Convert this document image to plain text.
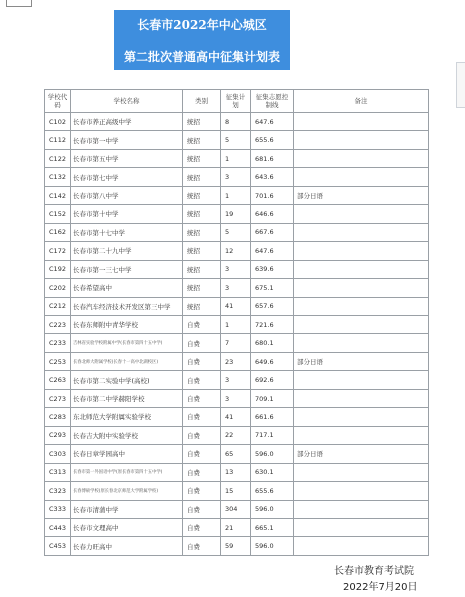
长春市2022年中心城区
第二批次普通高中征集计划表
学校代码	学校名称	类别	征集计划	征集志愿控制线	备注
C102	长春市养正高级中学	统招	8	647.6	
C112	长春市第一中学	统招	5	655.6	
C122	长春市第五中学	统招	1	681.6	
C132	长春市第七中学	统招	3	643.6	
C142	长春市第八中学	统招	1	701.6	部分日语
C152	长春市第十中学	统招	19	646.6	
C162	长春市第十七中学	统招	5	667.6	
C172	长春市第二十九中学	统招	12	647.6	
C192	长春市第一三七中学	统招	3	639.6	
C202	长春希望高中	统招	3	675.1	
C212	长春汽车经济技术开发区第三中学	统招	41	657.6	
C223	长春东师附中青华学校	自费	1	721.6	
C233	吉林省实验学校附属中学(长春市第四十五中学)	自费	7	680.1	
C253	长春北师大附属学校(长春十一高中北湖校区)	自费	23	649.6	部分日语
C263	长春市第二实验中学(高校)	自费	3	692.6	
C273	长春市第二中学赫阳学校	自费	3	709.1	
C283	东北师范大学附属实验学校	自费	41	661.6	
C293	长春吉大附中实验学校	自费	22	717.1	
C303	长春日章学园高中	自费	65	596.0	部分日语
C313	长春市第一外国语中学(原长春市第四十五中学)	自费	13	630.1	
C323	长春博硕学校(原长春北京师范大学附属学校)	自费	15	655.6	
C333	长春市清蒲中学	自费	304	596.0	
C443	长春市文理高中	自费	21	665.1	
C453	长春力旺高中	自费	59	596.0	
长春市教育考试院
2022年7月20日
